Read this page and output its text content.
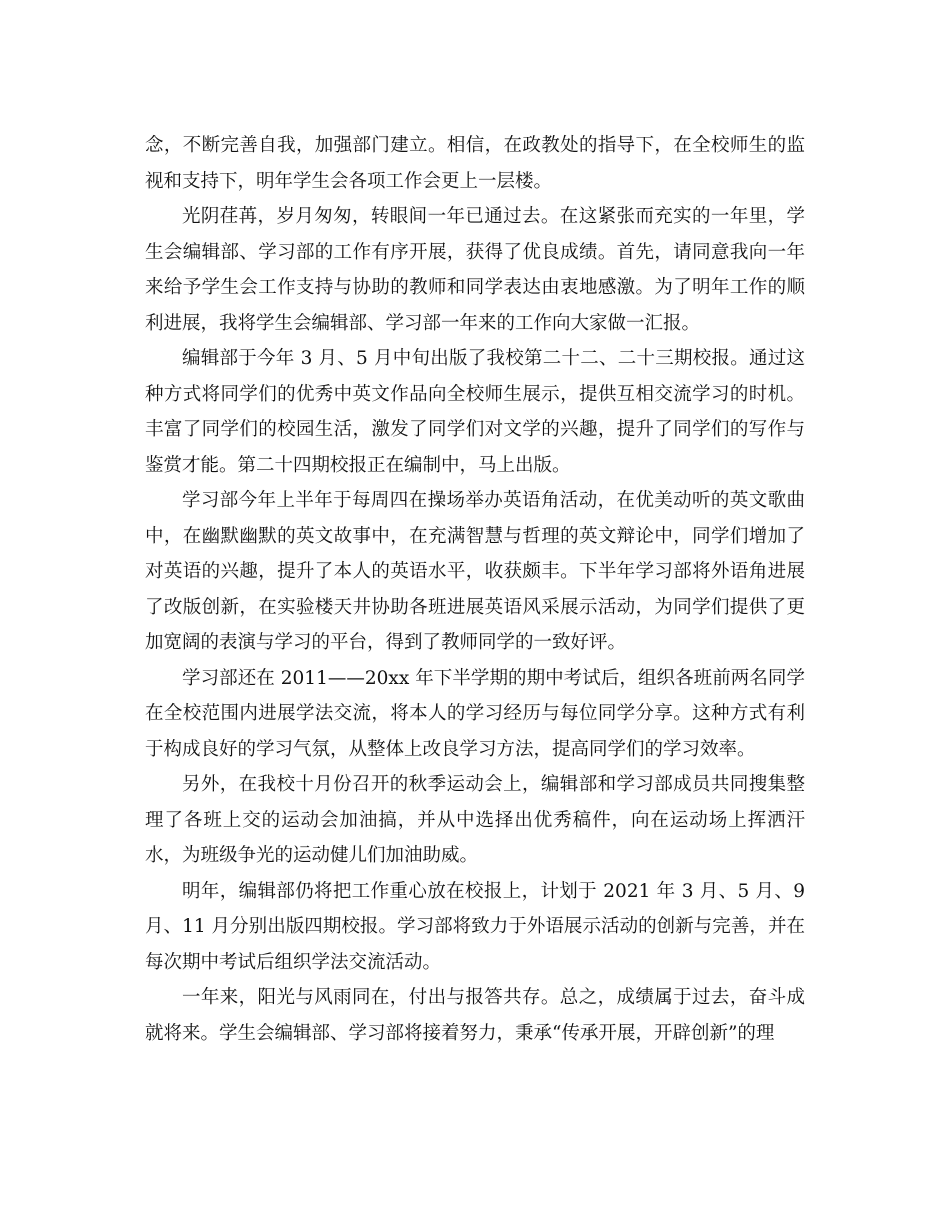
念，不断完善自我，加强部门建立。相信，在政教处的指导下，在全校师生的监视和支持下，明年学生会各项工作会更上一层楼。

光阴荏苒，岁月匆匆，转眼间一年已通过去。在这紧张而充实的一年里，学生会编辑部、学习部的工作有序开展，获得了优良成绩。首先，请同意我向一年来给予学生会工作支持与协助的教师和同学表达由衷地感激。为了明年工作的顺利进展，我将学生会编辑部、学习部一年来的工作向大家做一汇报。

编辑部于今年 3 月、5 月中旬出版了我校第二十二、二十三期校报。通过这种方式将同学们的优秀中英文作品向全校师生展示，提供互相交流学习的时机。丰富了同学们的校园生活，激发了同学们对文学的兴趣，提升了同学们的写作与鉴赏才能。第二十四期校报正在编制中，马上出版。

学习部今年上半年于每周四在操场举办英语角活动，在优美动听的英文歌曲中，在幽默幽默的英文故事中，在充满智慧与哲理的英文辩论中，同学们增加了对英语的兴趣，提升了本人的英语水平，收获颇丰。下半年学习部将外语角进展了改版创新，在实验楼天井协助各班进展英语风采展示活动，为同学们提供了更加宽阔的表演与学习的平台，得到了教师同学的一致好评。

学习部还在 2011——20xx 年下半学期的期中考试后，组织各班前两名同学在全校范围内进展学法交流，将本人的学习经历与每位同学分享。这种方式有利于构成良好的学习气氛，从整体上改良学习方法，提高同学们的学习效率。

另外，在我校十月份召开的秋季运动会上，编辑部和学习部成员共同搜集整理了各班上交的运动会加油搞，并从中选择出优秀稿件，向在运动场上挥洒汗水，为班级争光的运动健儿们加油助威。

明年，编辑部仍将把工作重心放在校报上，计划于 2021 年 3 月、5 月、9 月、11 月分别出版四期校报。学习部将致力于外语展示活动的创新与完善，并在每次期中考试后组织学法交流活动。

一年来，阳光与风雨同在，付出与报答共存。总之，成绩属于过去，奋斗成就将来。学生会编辑部、学习部将接着努力，秉承“传承开展，开辟创新”的理
